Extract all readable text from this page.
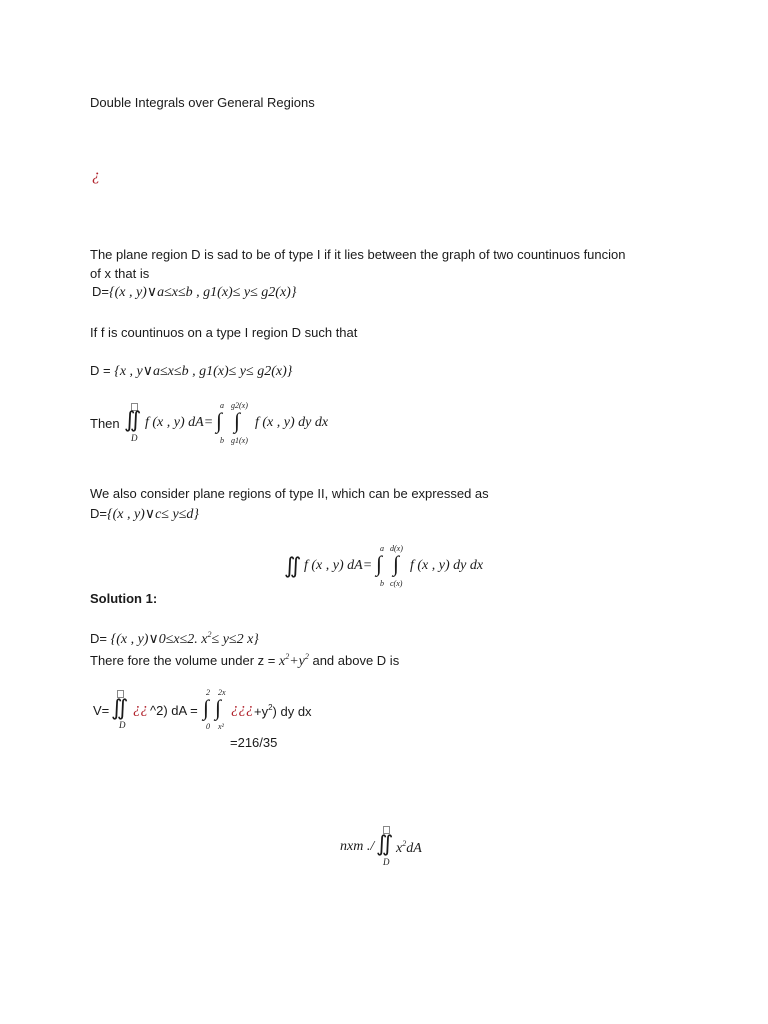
Double Integrals over General Regions
¿
The plane region D is sad to be of type I if it lies between the graph of two countinuos funcion
of x that is
D={(x , y)∨a≤x≤b , g1(x)≤ y≤ g2(x)}
If f is countinuos on a type I region D such that
D = {x , y∨a≤x≤b , g1(x)≤ y≤ g2(x)}
Then ∬
D
f (x , y) dA=
a
∫
b
g2(x)
∫
g1(x)
f (x , y) dy dx
We also consider plane regions of type II, which can be expressed as
D={(x , y)∨c≤ y≤d}
∬ f (x , y) dA=
a
∫
b
d(x)
∫
c(x)
f (x , y) dy dx
Solution 1:
D= {(x , y)∨0≤x≤2. $x^2\le y\le 2$ x}
There fore the volume under $z = x^2+y^2$ and above D is
V= ∬
D
¿¿ ^2) dA =
2
∫
0
2x
∫
x²
¿¿¿ $+y^2$) dy dx
=216/35
nxm ./ ∬
D
$x^2dA$
